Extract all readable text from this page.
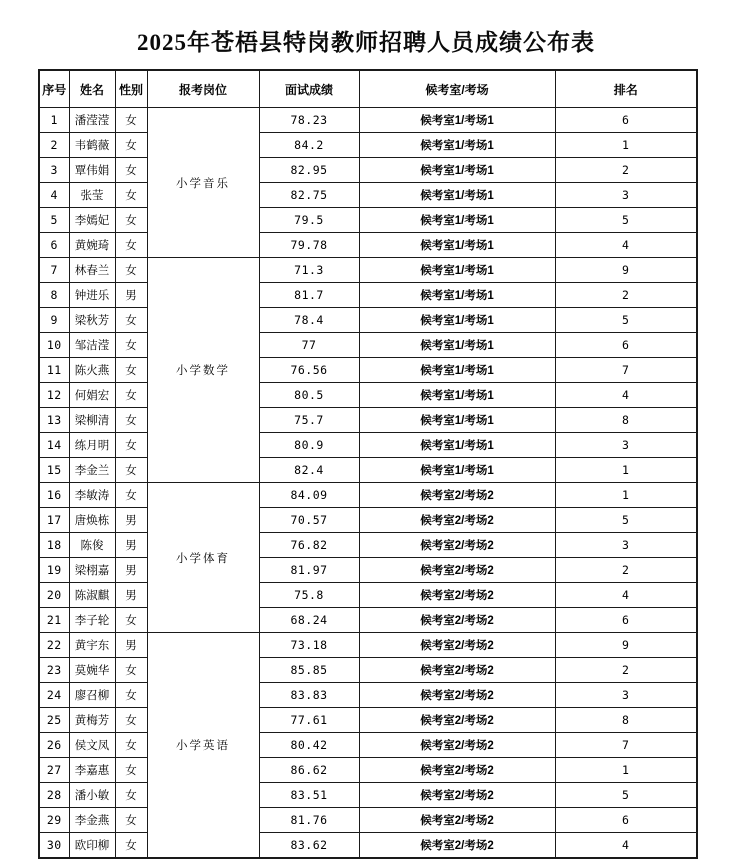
2025年苍梧县特岗教师招聘人员成绩公布表
序号	姓名	性别	报考岗位	面试成绩	候考室/考场	排名
1	潘滢滢	女	小学音乐	78.23	候考室1/考场1	6
2	韦鹤薇	女		84.2	候考室1/考场1	1
3	覃伟娟	女		82.95	候考室1/考场1	2
4	张莹	女		82.75	候考室1/考场1	3
5	李嫣妃	女		79.5	候考室1/考场1	5
6	黄婉琦	女		79.78	候考室1/考场1	4
7	林春兰	女	小学数学	71.3	候考室1/考场1	9
8	钟进乐	男		81.7	候考室1/考场1	2
9	梁秋芳	女		78.4	候考室1/考场1	5
10	邹洁滢	女		77	候考室1/考场1	6
11	陈火燕	女		76.56	候考室1/考场1	7
12	何娟宏	女		80.5	候考室1/考场1	4
13	梁柳清	女		75.7	候考室1/考场1	8
14	练月明	女		80.9	候考室1/考场1	3
15	李金兰	女		82.4	候考室1/考场1	1
16	李敏涛	女	小学体育	84.09	候考室2/考场2	1
17	唐焕栋	男		70.57	候考室2/考场2	5
18	陈俊	男		76.82	候考室2/考场2	3
19	梁栩嘉	男		81.97	候考室2/考场2	2
20	陈淑麒	男		75.8	候考室2/考场2	4
21	李子轮	女		68.24	候考室2/考场2	6
22	黄宇东	男	小学英语	73.18	候考室2/考场2	9
23	莫婉华	女		85.85	候考室2/考场2	2
24	廖召柳	女		83.83	候考室2/考场2	3
25	黄梅芳	女		77.61	候考室2/考场2	8
26	侯文凤	女		80.42	候考室2/考场2	7
27	李嘉惠	女		86.62	候考室2/考场2	1
28	潘小敏	女		83.51	候考室2/考场2	5
29	李金燕	女		81.76	候考室2/考场2	6
30	欧印柳	女		83.62	候考室2/考场2	4
